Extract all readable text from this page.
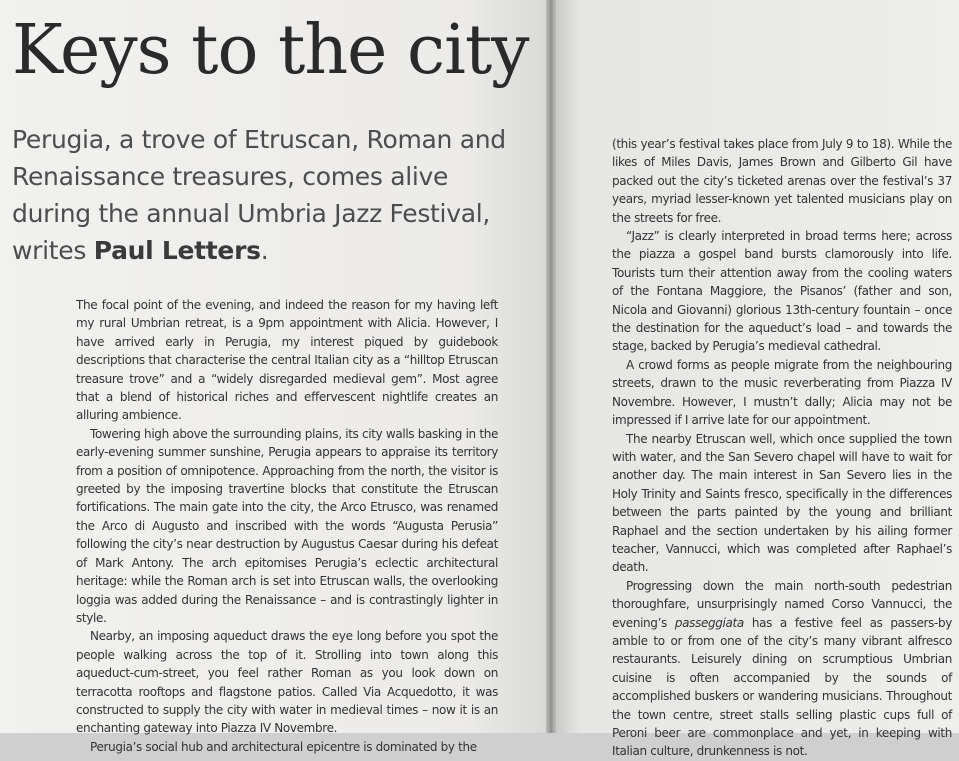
Keys to the city

Perugia, a trove of Etruscan, Roman and Renaissance treasures, comes alive during the annual Umbria Jazz Festival, writes Paul Letters.

The focal point of the evening, and indeed the reason for my having left my rural Umbrian retreat, is a 9pm appointment with Alicia. However, I have arrived early in Perugia, my interest piqued by guidebook descriptions that characterise the central Italian city as a “hilltop Etruscan treasure trove” and a “widely disregarded medieval gem”. Most agree that a blend of historical riches and effervescent nightlife creates an alluring ambience.

Towering high above the surrounding plains, its city walls basking in the early-evening summer sunshine, Perugia appears to appraise its territory from a position of omnipotence. Approaching from the north, the visitor is greeted by the imposing travertine blocks that constitute the Etruscan fortifications. The main gate into the city, the Arco Etrusco, was renamed the Arco di Augusto and inscribed with the words “Augusta Perusia” following the city’s near destruction by Augustus Caesar during his defeat of Mark Antony. The arch epitomises Perugia’s eclectic architectural heritage: while the Roman arch is set into Etruscan walls, the overlooking loggia was added during the Renaissance – and is contrastingly lighter in style.

Nearby, an imposing aqueduct draws the eye long before you spot the people walking across the top of it. Strolling into town along this aqueduct-cum-street, you feel rather Roman as you look down on terracotta rooftops and flagstone patios. Called Via Acquedotto, it was constructed to supply the city with water in medieval times – now it is an enchanting gateway into Piazza IV Novembre.

Perugia’s social hub and architectural epicentre is dominated by the

(this year’s festival takes place from July 9 to 18). While the likes of Miles Davis, James Brown and Gilberto Gil have packed out the city’s ticketed arenas over the festival’s 37 years, myriad lesser-known yet talented musicians play on the streets for free.

“Jazz” is clearly interpreted in broad terms here; across the piazza a gospel band bursts clamorously into life. Tourists turn their attention away from the cooling waters of the Fontana Maggiore, the Pisanos’ (father and son, Nicola and Giovanni) glorious 13th-century fountain – once the destination for the aqueduct’s load – and towards the stage, backed by Perugia’s medieval cathedral.

A crowd forms as people migrate from the neighbouring streets, drawn to the music reverberating from Piazza IV Novembre. However, I mustn’t dally; Alicia may not be impressed if I arrive late for our appointment.

The nearby Etruscan well, which once supplied the town with water, and the San Severo chapel will have to wait for another day. The main interest in San Severo lies in the Holy Trinity and Saints fresco, specifically in the differences between the parts painted by the young and brilliant Raphael and the section undertaken by his ailing former teacher, Vannucci, which was completed after Raphael’s death.

Progressing down the main north-south pedestrian thoroughfare, unsurprisingly named Corso Vannucci, the evening’s passeggiata has a festive feel as passers-by amble to or from one of the city’s many vibrant alfresco restaurants. Leisurely dining on scrumptious Umbrian cuisine is often accompanied by the sounds of accomplished buskers or wandering musicians. Throughout the town centre, street stalls selling plastic cups full of Peroni beer are commonplace and yet, in keeping with Italian culture, drunkenness is not.
